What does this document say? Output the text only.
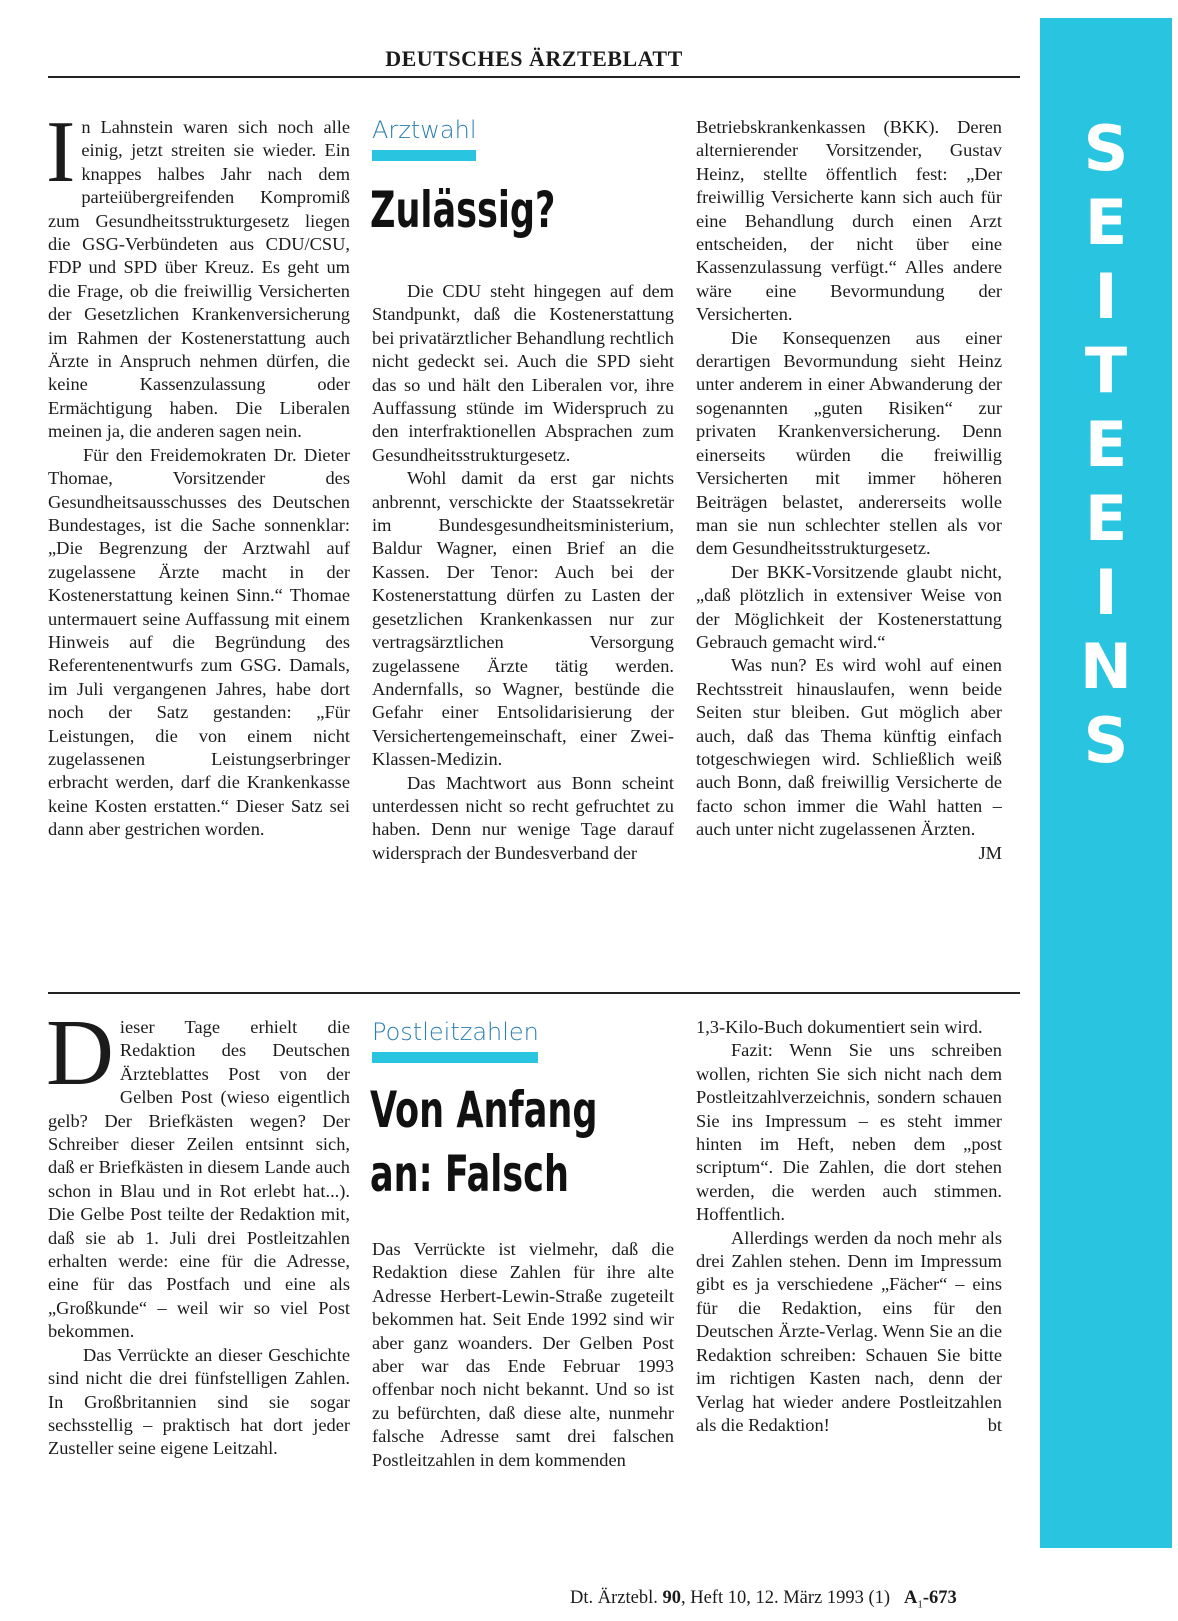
DEUTSCHES ÄRZTEBLATT
S
E
I
T
E
E
I
N
S

In Lahnstein waren sich noch alle einig, jetzt streiten sie wieder. Ein knappes halbes Jahr nach dem parteiübergreifenden Kompromiß zum Gesundheitsstrukturgesetz liegen die GSG-Verbündeten aus CDU/CSU, FDP und SPD über Kreuz. Es geht um die Frage, ob die freiwillig Versicherten der Gesetzlichen Krankenversicherung im Rahmen der Kostenerstattung auch Ärzte in Anspruch nehmen dürfen, die keine Kassenzulassung oder Ermächtigung haben. Die Liberalen meinen ja, die anderen sagen nein.

Für den Freidemokraten Dr. Dieter Thomae, Vorsitzender des Gesundheitsausschusses des Deutschen Bundestages, ist die Sache sonnenklar: „Die Begrenzung der Arztwahl auf zugelassene Ärzte macht in der Kostenerstattung keinen Sinn.“ Thomae untermauert seine Auffassung mit einem Hinweis auf die Begründung des Referentenentwurfs zum GSG. Damals, im Juli vergangenen Jahres, habe dort noch der Satz gestanden: „Für Leistungen, die von einem nicht zugelassenen Leistungserbringer erbracht werden, darf die Krankenkasse keine Kosten erstatten.“ Dieser Satz sei dann aber gestrichen worden.

Arztwahl
Zulässig?

Die CDU steht hingegen auf dem Standpunkt, daß die Kostenerstattung bei privatärztlicher Behandlung rechtlich nicht gedeckt sei. Auch die SPD sieht das so und hält den Liberalen vor, ihre Auffassung stünde im Widerspruch zu den interfraktionellen Absprachen zum Gesundheitsstrukturgesetz.

Wohl damit da erst gar nichts anbrennt, verschickte der Staatssekretär im Bundesgesundheitsministerium, Baldur Wagner, einen Brief an die Kassen. Der Tenor: Auch bei der Kostenerstattung dürfen zu Lasten der gesetzlichen Krankenkassen nur zur vertragsärztlichen Versorgung zugelassene Ärzte tätig werden. Andernfalls, so Wagner, bestünde die Gefahr einer Entsolidarisierung der Versichertengemeinschaft, einer Zwei-Klassen-Medizin.

Das Machtwort aus Bonn scheint unterdessen nicht so recht gefruchtet zu haben. Denn nur wenige Tage darauf widersprach der Bundesverband der

Betriebskrankenkassen (BKK). Deren alternierender Vorsitzender, Gustav Heinz, stellte öffentlich fest: „Der freiwillig Versicherte kann sich auch für eine Behandlung durch einen Arzt entscheiden, der nicht über eine Kassenzulassung verfügt.“ Alles andere wäre eine Bevormundung der Versicherten.

Die Konsequenzen aus einer derartigen Bevormundung sieht Heinz unter anderem in einer Abwanderung der sogenannten „guten Risiken“ zur privaten Krankenversicherung. Denn einerseits würden die freiwillig Versicherten mit immer höheren Beiträgen belastet, andererseits wolle man sie nun schlechter stellen als vor dem Gesundheitsstrukturgesetz.

Der BKK-Vorsitzende glaubt nicht, „daß plötzlich in extensiver Weise von der Möglichkeit der Kostenerstattung Gebrauch gemacht wird.“

Was nun? Es wird wohl auf einen Rechtsstreit hinauslaufen, wenn beide Seiten stur bleiben. Gut möglich aber auch, daß das Thema künftig einfach totgeschwiegen wird. Schließlich weiß auch Bonn, daß freiwillig Versicherte de facto schon immer die Wahl hatten – auch unter nicht zugelassenen Ärzten.
JM

Dieser Tage erhielt die Redaktion des Deutschen Ärzteblattes Post von der Gelben Post (wieso eigentlich gelb? Der Briefkästen wegen? Der Schreiber dieser Zeilen entsinnt sich, daß er Briefkästen in diesem Lande auch schon in Blau und in Rot erlebt hat...). Die Gelbe Post teilte der Redaktion mit, daß sie ab 1. Juli drei Postleitzahlen erhalten werde: eine für die Adresse, eine für das Postfach und eine als „Großkunde“ – weil wir so viel Post bekommen.

Das Verrückte an dieser Geschichte sind nicht die drei fünfstelligen Zahlen. In Großbritannien sind sie sogar sechsstellig – praktisch hat dort jeder Zusteller seine eigene Leitzahl.

Postleitzahlen
Von Anfang
an: Falsch

Das Verrückte ist vielmehr, daß die Redaktion diese Zahlen für ihre alte Adresse Herbert-Lewin-Straße zugeteilt bekommen hat. Seit Ende 1992 sind wir aber ganz woanders. Der Gelben Post aber war das Ende Februar 1993 offenbar noch nicht bekannt. Und so ist zu befürchten, daß diese alte, nunmehr falsche Adresse samt drei falschen Postleitzahlen in dem kommenden

1,3-Kilo-Buch dokumentiert sein wird.

Fazit: Wenn Sie uns schreiben wollen, richten Sie sich nicht nach dem Postleitzahlverzeichnis, sondern schauen Sie ins Impressum – es steht immer hinten im Heft, neben dem „post scriptum“. Die Zahlen, die dort stehen werden, die werden auch stimmen. Hoffentlich.

Allerdings werden da noch mehr als drei Zahlen stehen. Denn im Impressum gibt es ja verschiedene „Fächer“ – eins für die Redaktion, eins für den Deutschen Ärzte-Verlag. Wenn Sie an die Redaktion schreiben: Schauen Sie bitte im richtigen Kasten nach, denn der Verlag hat wieder andere Postleitzahlen als die Redaktion!	bt

Dt. Ärztebl. 90, Heft 10, 12. März 1993 (1) $A_1-673$
